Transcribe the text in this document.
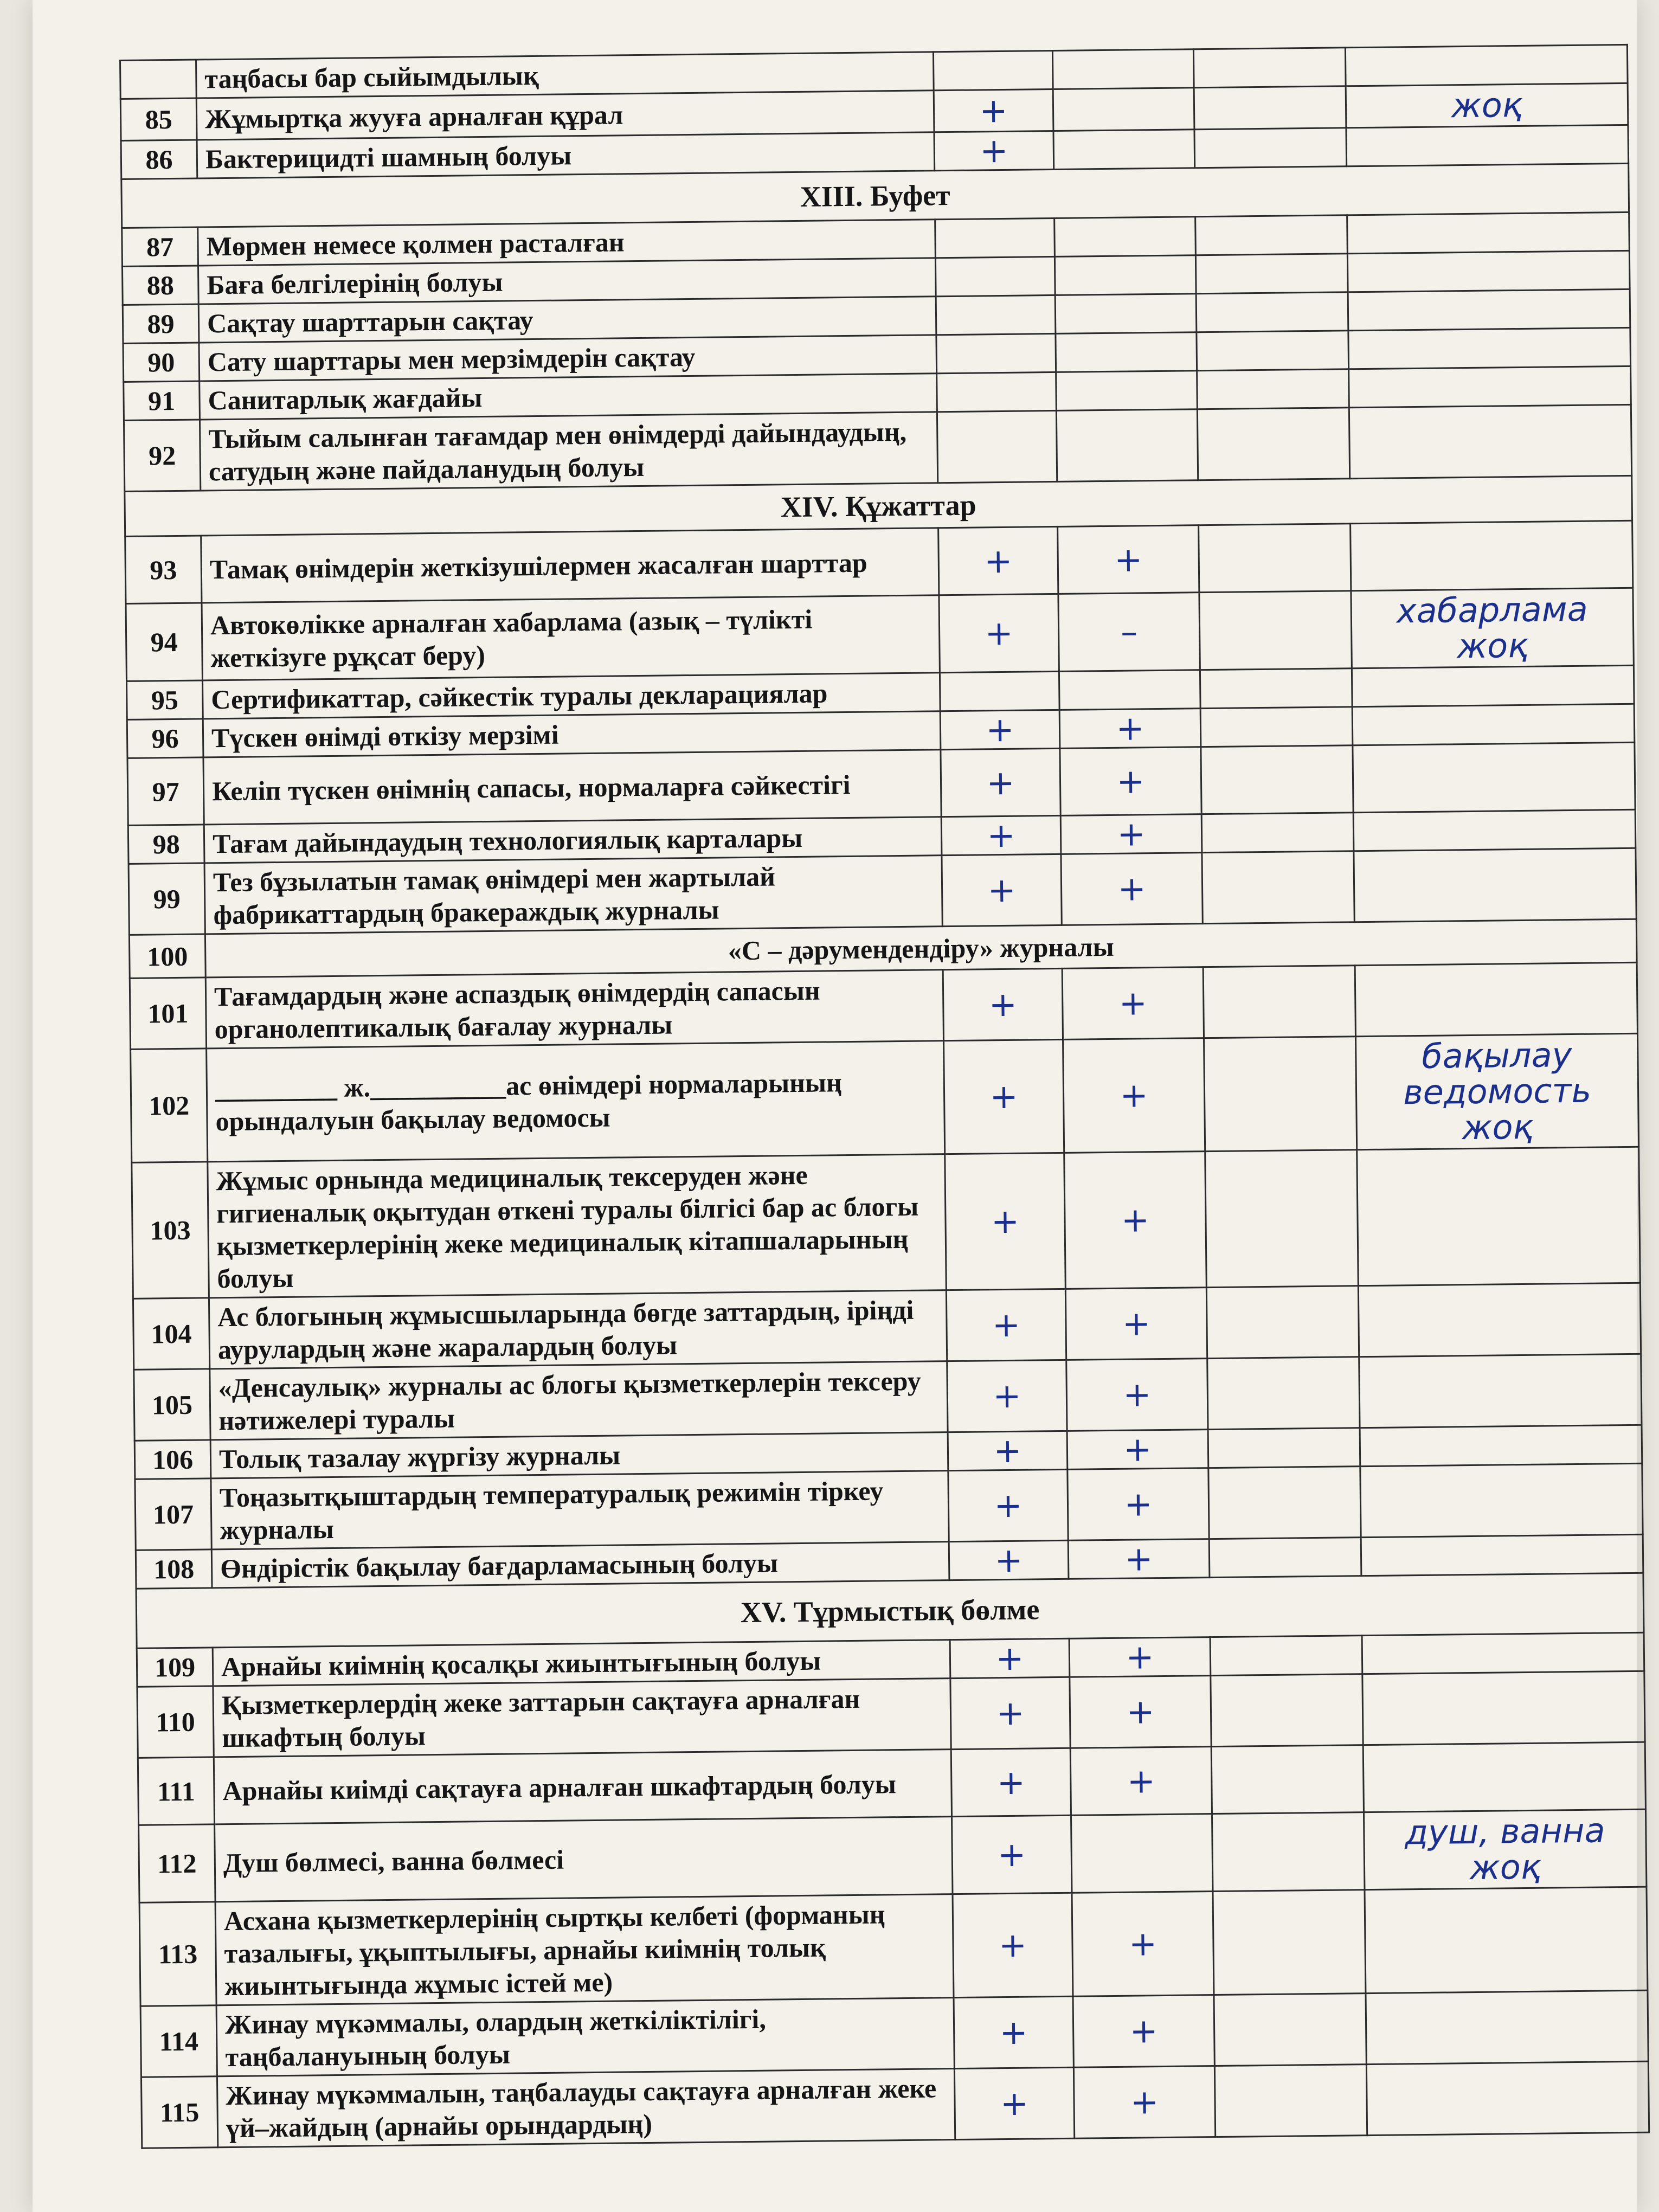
	таңбасы бар сыйымдылық				
85	Жұмыртқа жууға арналған құрал	+			жоқ
86	Бактерицидті шамның болуы	+			
XIII. Буфет					
87	Мөрмен немесе қолмен расталған				
88	Баға белгілерінің болуы				
89	Сақтау шарттарын сақтау				
90	Сату шарттары мен мерзімдерін сақтау				
91	Санитарлық жағдайы				
92	Тыйым салынған тағамдар мен өнімдерді дайындаудың, сатудың және пайдаланудың болуы				
XIV. Құжаттар					
93	Тамақ өнімдерін жеткізушілермен жасалған шарттар	+	+		
94	Автокөлікке арналған хабарлама (азық – түлікті жеткізуге рұқсат беру)	+	–		хабарлама жоқ
95	Сертификаттар, сәйкестік туралы декларациялар				
96	Түскен өнімді өткізу мерзімі	+	+		
97	Келіп түскен өнімнің сапасы, нормаларға сәйкестігі	+	+		
98	Тағам дайындаудың технологиялық карталары	+	+		
99	Тез бұзылатын тамақ өнімдері мен жартылай фабрикаттардың бракераждық журналы	+	+		
100	«С – дәрумендендіру» журналы				
101	Тағамдардың және аспаздық өнімдердің сапасын органолептикалық бағалау журналы	+	+		
102	_________ ж.__________ас өнімдері нормаларының орындалуын бақылау ведомосы	+	+		бақылау ведомость жоқ
103	Жұмыс орнында медициналық тексеруден және гигиеналық оқытудан өткені туралы білгісі бар ас блогы қызметкерлерінің жеке медициналық кітапшаларының болуы	+	+		
104	Ас блогының жұмысшыларында бөгде заттардың, іріңді аурулардың және жаралардың болуы	+	+		
105	«Денсаулық» журналы ас блогы қызметкерлерін тексеру нәтижелері туралы	+	+		
106	Толық тазалау жүргізу журналы	+	+		
107	Тоңазытқыштардың температуралық режимін тіркеу журналы	+	+		
108	Өндірістік бақылау бағдарламасының болуы	+	+		
XV. Тұрмыстық бөлме					
109	Арнайы киімнің қосалқы жиынтығының болуы	+	+		
110	Қызметкерлердің жеке заттарын сақтауға арналған шкафтың болуы	+	+		
111	Арнайы киімді сақтауға арналған шкафтардың болуы	+	+		
112	Душ бөлмесі, ванна бөлмесі	+			душ, ванна жоқ
113	Асхана қызметкерлерінің сыртқы келбеті (форманың тазалығы, ұқыптылығы, арнайы киімнің толық жиынтығында жұмыс істей ме)	+	+		
114	Жинау мүкәммалы, олардың жеткіліктілігі, таңбалануының болуы	+	+		
115	Жинау мүкәммалын, таңбалауды сақтауға арналған жеке үй–жайдың (арнайы орындардың)	+	+		
